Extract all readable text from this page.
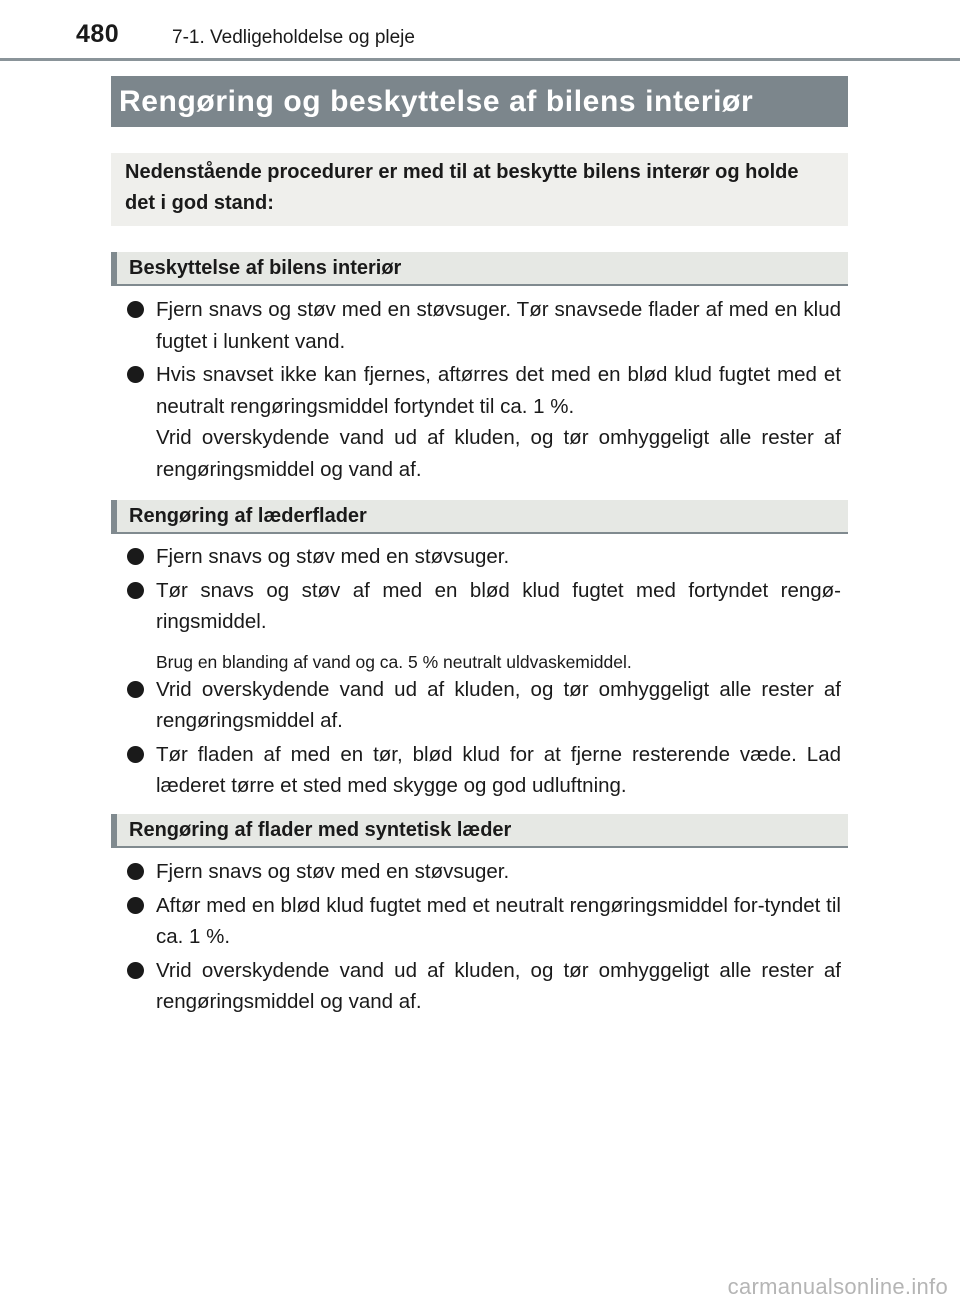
480	7-1. Vedligeholdelse og pleje
Rengøring og beskyttelse af bilens interiør
Nedenstående procedurer er med til at beskytte bilens interør og holde det i god stand:
Beskyttelse af bilens interiør
Fjern snavs og støv med en støvsuger. Tør snavsede flader af med en klud fugtet i lunkent vand.
Hvis snavset ikke kan fjernes, aftørres det med en blød klud fugtet med et neutralt rengøringsmiddel fortyndet til ca. 1 %.
Vrid overskydende vand ud af kluden, og tør omhyggeligt alle rester af rengøringsmiddel og vand af.
Rengøring af læderflader
Fjern snavs og støv med en støvsuger.
Tør snavs og støv af med en blød klud fugtet med fortyndet rengø-ringsmiddel.
Brug en blanding af vand og ca. 5 % neutralt uldvaskemiddel.
Vrid overskydende vand ud af kluden, og tør omhyggeligt alle rester af rengøringsmiddel af.
Tør fladen af med en tør, blød klud for at fjerne resterende væde. Lad læderet tørre et sted med skygge og god udluftning.
Rengøring af flader med syntetisk læder
Fjern snavs og støv med en støvsuger.
Aftør med en blød klud fugtet med et neutralt rengøringsmiddel for-tyndet til ca. 1 %.
Vrid overskydende vand ud af kluden, og tør omhyggeligt alle rester af rengøringsmiddel og vand af.
carmanualsonline.info
